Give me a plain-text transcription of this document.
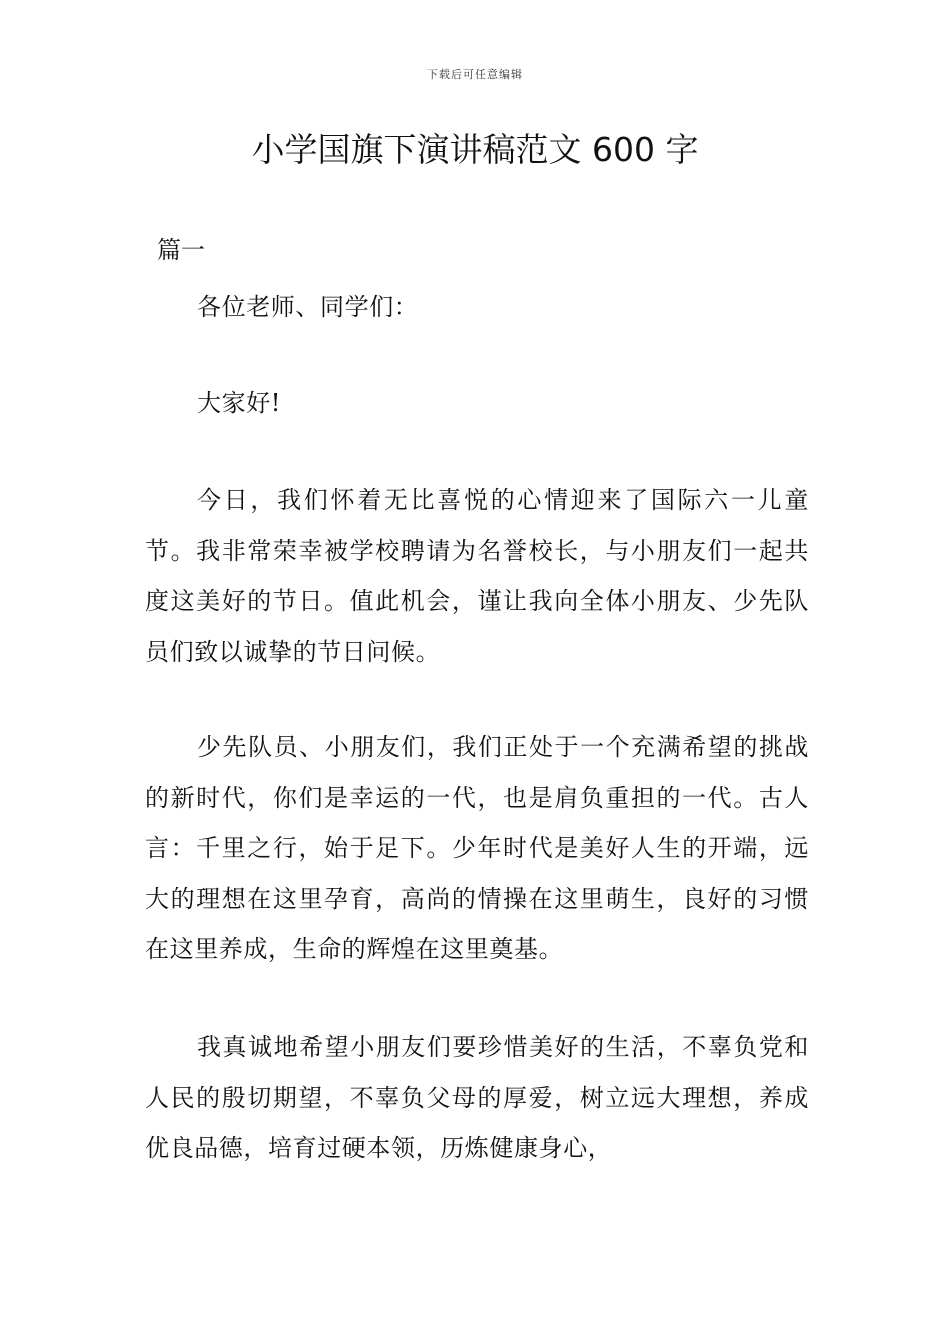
下载后可任意编辑
小学国旗下演讲稿范文 600 字
篇一

各位老师、同学们：

大家好!

今日，我们怀着无比喜悦的心情迎来了国际六一儿童节。我非常荣幸被学校聘请为名誉校长，与小朋友们一起共度这美好的节日。值此机会，谨让我向全体小朋友、少先队员们致以诚挚的节日问候。

少先队员、小朋友们，我们正处于一个充满希望的挑战的新时代，你们是幸运的一代，也是肩负重担的一代。古人言：千里之行，始于足下。少年时代是美好人生的开端，远大的理想在这里孕育，高尚的情操在这里萌生，良好的习惯在这里养成，生命的辉煌在这里奠基。

我真诚地希望小朋友们要珍惜美好的生活，不辜负党和人民的殷切期望，不辜负父母的厚爱，树立远大理想，养成优良品德，培育过硬本领，历炼健康身心，
